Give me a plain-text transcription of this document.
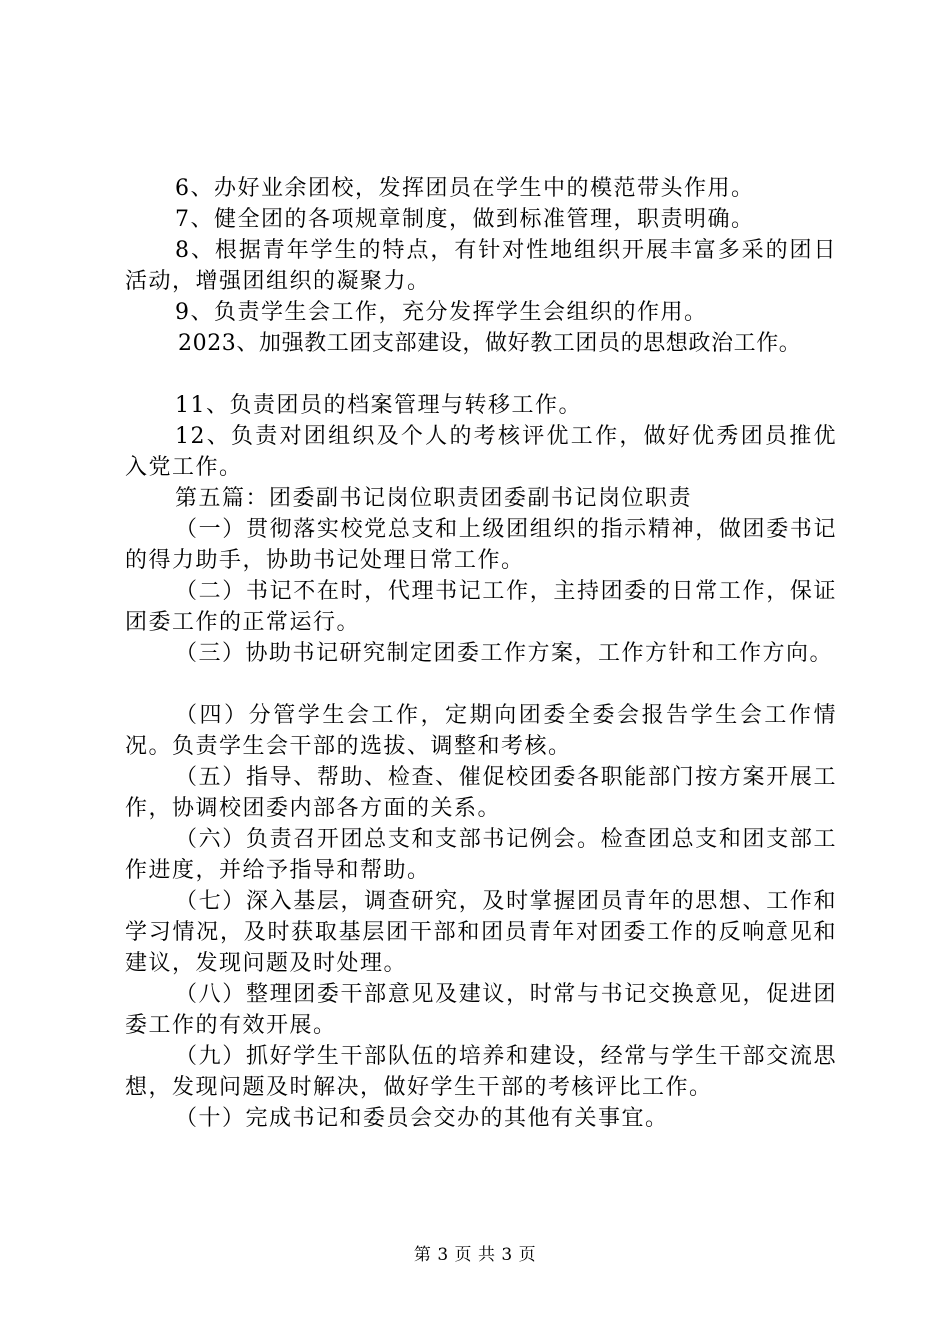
6、办好业余团校，发挥团员在学生中的模范带头作用。
7、健全团的各项规章制度，做到标准管理，职责明确。
8、根据青年学生的特点，有针对性地组织开展丰富多采的团日活动，增强团组织的凝聚力。
9、负责学生会工作，充分发挥学生会组织的作用。
2023、加强教工团支部建设，做好教工团员的思想政治工作。
11、负责团员的档案管理与转移工作。
12、负责对团组织及个人的考核评优工作，做好优秀团员推优入党工作。
第五篇：团委副书记岗位职责团委副书记岗位职责
（一）贯彻落实校党总支和上级团组织的指示精神，做团委书记的得力助手，协助书记处理日常工作。
（二）书记不在时，代理书记工作，主持团委的日常工作，保证团委工作的正常运行。
（三）协助书记研究制定团委工作方案，工作方针和工作方向。
（四）分管学生会工作，定期向团委全委会报告学生会工作情况。负责学生会干部的选拔、调整和考核。
（五）指导、帮助、检查、催促校团委各职能部门按方案开展工作，协调校团委内部各方面的关系。
（六）负责召开团总支和支部书记例会。检查团总支和团支部工作进度，并给予指导和帮助。
（七）深入基层，调查研究，及时掌握团员青年的思想、工作和学习情况，及时获取基层团干部和团员青年对团委工作的反响意见和建议，发现问题及时处理。
（八）整理团委干部意见及建议，时常与书记交换意见，促进团委工作的有效开展。
（九）抓好学生干部队伍的培养和建设，经常与学生干部交流思想，发现问题及时解决，做好学生干部的考核评比工作。
（十）完成书记和委员会交办的其他有关事宜。
第 3 页 共 3 页
